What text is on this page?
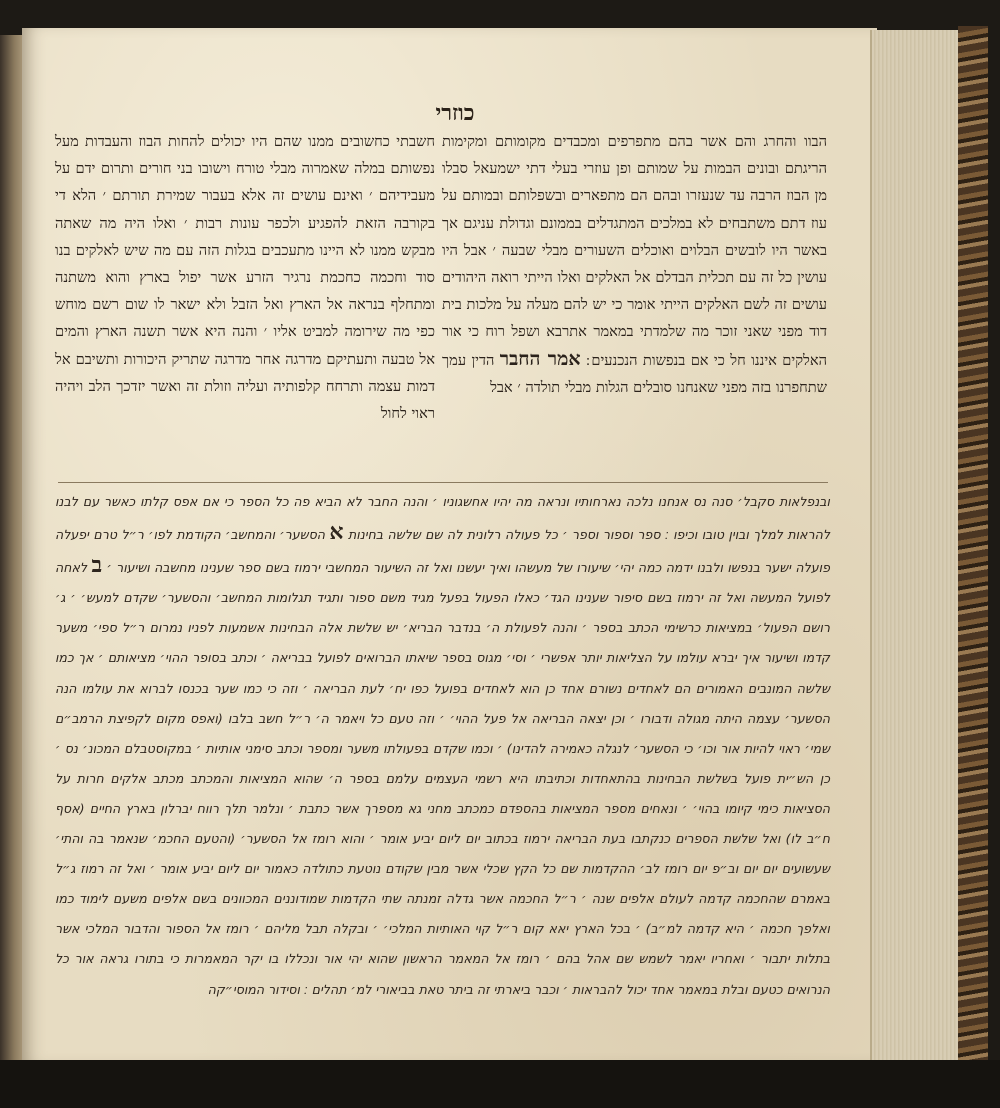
כוזרי

הבוו והחרג והם אשר בהם מתפרפים ומכבדים מקומותם ומקימות הריגתם ובונים הבמות על שמותם ופן עוזרי בעלי דתי ישמעאל סבלו מן הבוז הרבה עד שנעזרו ובהם הם מתפארים ובשפלותם ובמותם על עוז דתם משתבחים לא במלכים המתגדלים בממונם וגדולת עניגם אך באשר היו לובשים הבלוים ואוכלים השעורים מבלי שבעה ׳ אבל היו עושין כל זה עם תכלית הבדלם אל האלקים ואלו הייתי רואה היהודים עושים זה לשם האלקים הייתי אומר כי יש להם מעלה על מלכות בית דוד מפני שאני זוכר מה שלמדתי במאמר אתרבא ושפל רוח כי אור האלקים איננו חל כי אם בנפשות הנכנעים ׃ אמר החבר הדין עמך שתחפרנו בזה מפני שאנחנו סובלים הגלות מבלי תולדה ׳ אבל

חשבתי כחשובים ממנו שהם היו יכולים להחות הבוז והעבדות מעל נפשותם במלה שאמרוה מבלי טורח וישובו בני חורים ותרום ידם על מעבידיהם ׳ ואינם עושים זה אלא בעבור שמירת תורתם ׳ הלא די בקורבה הזאת להפגיע ולכפר עונות רבות ׳ ואלו היה מה שאתה מבקש ממנו לא היינו מתעכבים בגלות הזה עם מה שיש לאלקים בנו סוד וחכמה כחכמת נרגיר הזרע אשר יפול בארץ והוא משתנה ומתחלף בנראה אל הארץ ואל הזבל ולא ישאר לו שום רשם מוחש כפי מה שירומה למביט אליו ׳ והנה היא אשר תשנה הארץ והמים אל טבעה ותעתיקם מדרגה אחר מדרגה שתריק היכורות ותשיבם אל דמות עצמה ותרחח קלפותיה ועליה וזולת זה ואשר יזדכך הלב ויהיה ראוי לחול

ובנפלאות סקבל׳ סנה נס אנחנו נלכה נארחותיו ונראה מה יהיו אחשגוניו ׳ והנה החבר לא הביא פה כל הספר כי אם אפס קלתו כאשר עם לבנו להראות למלך ובוין טובו וכיפו ׃ ספר וספור וספר ׳ כל פעולה רלונית לה שם שלשה בחינות א הסשער׳ והמחשב׳ הקודמת לפו׳ ר״ל טרם יפעלה פועלה ישער בנפשו ולבנו ידמה כמה יהי׳ שיעורו של מעשהו ואיך יעשנו ואל זה השיעור המחשבי ירמוז בשם ספר שענינו מחשבה ושיעור ׳ ב לאחה לפועל המעשה ואל זה ירמוז בשם סיפור שענינו הגד׳ כאלו הפעול בפעל מגיד משם ספור ותגיד תגלומות המחשב׳ והסשער׳ שקדם למעש׳ ׳ ג׳ רושם הפעול׳ במציאות כרשימי הכתב בספר ׳ והנה לפעולת ה׳ בנדבר הבריא׳ יש שלשת אלה הבחינות אשמעות לפניו נמרום ר״ל ספי׳ משער קדמו ושיעור איך יברא עולמו על הצליאות יותר אפשרי ׳ וסי׳ מגוס בספר שיאתו הברואים לפועל בבריאה ׳ וכתב בסופר ההוי׳ מציאותם ׳ אך כמו שלשה המונבים האמורים הם לאחדים נשורם אחד כן הוא לאחדים בפועל כפו יח׳ לעת הבריאה ׳ וזה כי כמו שער בכנסו לברוא את עולמו הנה הסשער׳ עצמה היתה מגולה ודבורו ׳ וכן יצאה הבריאה אל פעל ההוי׳ ׳ וזה טעם כל ויאמר ה׳ ר״ל חשב בלבו (ואפס מקום לקפיצת הרמב״ם שמי׳ ראוי להיות אור וכו׳ כי הסשער׳ לנגלה כאמירה להדינו) ׳ וכמו שקדם בפעולתו משער ומספר וכתב סימני אותיות ׳ במקוסטבלם המכונ׳ נס ׳ כן הש״ית פועל בשלשת הבחינות בהתאחדות וכתיבתו היא רשמי העצמים עלמם בספר ה׳ שהוא המציאות והמכתב מכתב אלקים חרות על הסציאות כימי קיומו בהוי׳ ׳ ונאחים מספר המציאות בהספדם כמכתב מחני גא מספרך אשר כתבת ׳ ונלמר תלך רווח יברלון בארץ החיים (אסף ח״ב לו) ואל שלשת הספרים כנקתבו בעת הבריאה ירמוז בכתוב יום ליום יביע אומר ׳ והוא רומז אל הסשער׳ (והטעם החכמ׳ שנאמר בה והתי׳ שעשועים יום יום וב״פ יום רומז לב׳ ההקדמות שם כל הקץ שכלי אשר מבין שקודם נוטעת כתולדה כאמור יום ליום יביע אומר ׳ ואל זה רמוז ג״ל באמרם שהחכמה קדמה לעולם אלפים שנה ׳ ר״ל החכמה אשר גדלה זמנתה שתי הקדמות שמודוננים המכוונים בשם אלפים משעם לימוד כמו ואלפך חכמה ׳ היא קדמה למ״ב) ׳ בכל הארץ יאא קום ר״ל קוי האותיות המלכי׳ ׳ ובקלה תבל מליהם ׳ רומז אל הספור והדבור המלכי אשר בתלות יתבור ׳ ואחריו יאמר לשמש שם אהל בהם ׳ רומז אל המאמר הראשון שהוא יהי אור ונכללו בו יקר המאמרות כי בתורו גראה אור כל הנרואים כטעם ובלת במאמר אחד יכול להבראות ׳ וכבר ביארתי זה ביתר טאת בביאורי למ׳ תהלים ׃ וסידור המוסי״קה
